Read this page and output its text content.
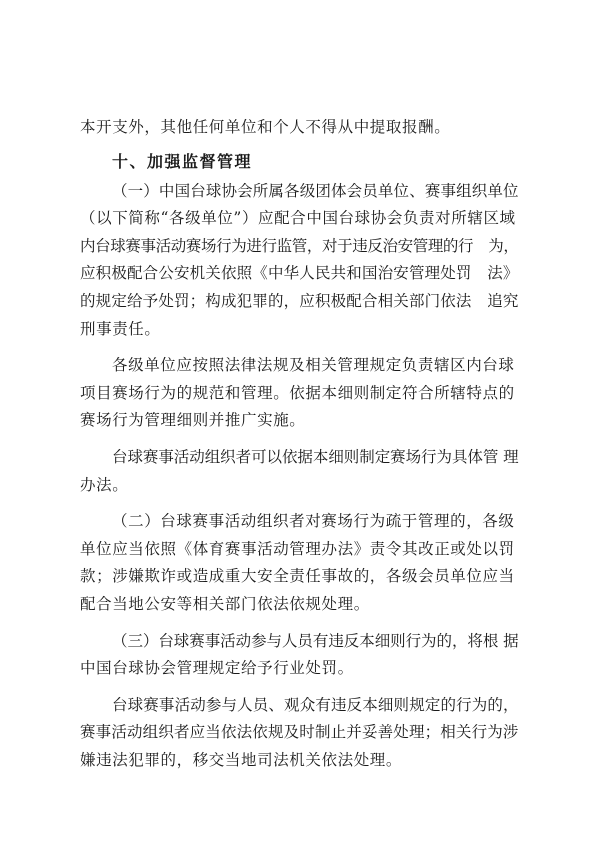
本开支外，其他任何单位和个人不得从中提取报酬。
十、加强监督管理
（一）中国台球协会所属各级团体会员单位、赛事组织单位
（以下简称“各级单位”）应配合中国台球协会负责对所辖区域
内台球赛事活动赛场行为进行监管，对于违反治安管理的行　为，
应积极配合公安机关依照《中华人民共和国治安管理处罚　法》
的规定给予处罚；构成犯罪的，应积极配合相关部门依法　追究
刑事责任。
各级单位应按照法律法规及相关管理规定负责辖区内台球
项目赛场行为的规范和管理。依据本细则制定符合所辖特点的
赛场行为管理细则并推广实施。
台球赛事活动组织者可以依据本细则制定赛场行为具体管 理
办法。
（二）台球赛事活动组织者对赛场行为疏于管理的，各级
单位应当依照《体育赛事活动管理办法》责令其改正或处以罚
款；涉嫌欺诈或造成重大安全责任事故的，各级会员单位应当
配合当地公安等相关部门依法依规处理。
（三）台球赛事活动参与人员有违反本细则行为的，将根 据
中国台球协会管理规定给予行业处罚。
台球赛事活动参与人员、观众有违反本细则规定的行为的，
赛事活动组织者应当依法依规及时制止并妥善处理；相关行为涉
嫌违法犯罪的，移交当地司法机关依法处理。
